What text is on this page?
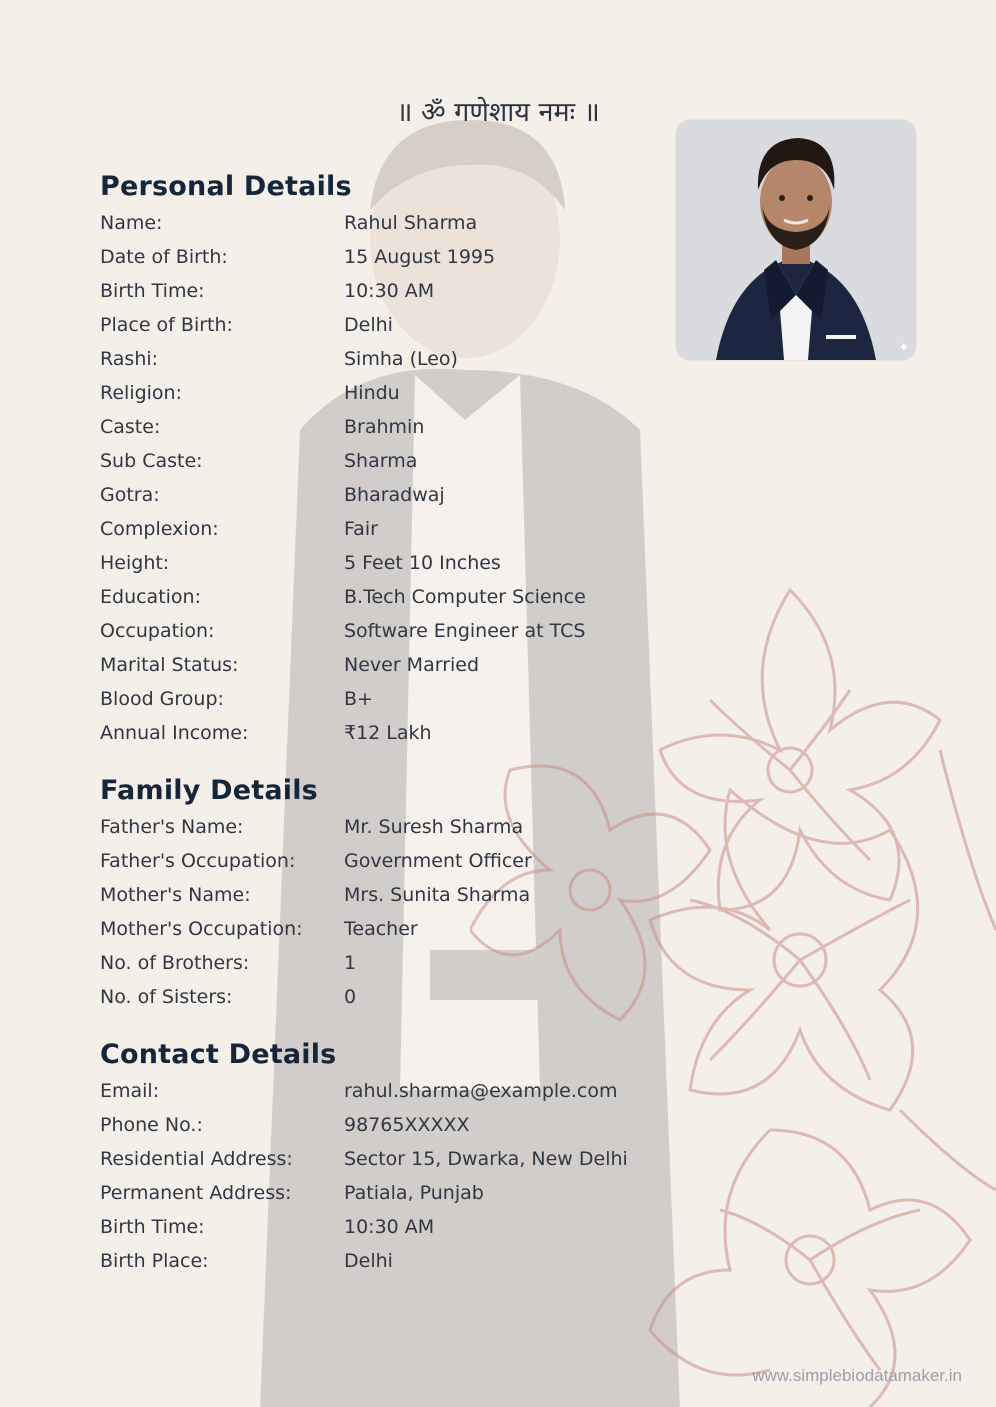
॥ ॐ गणेशाय नमः ॥
✦
Personal Details
Name:	Rahul Sharma
Date of Birth:	15 August 1995
Birth Time:	10:30 AM
Place of Birth:	Delhi
Rashi:	Simha (Leo)
Religion:	Hindu
Caste:	Brahmin
Sub Caste:	Sharma
Gotra:	Bharadwaj
Complexion:	Fair
Height:	5 Feet 10 Inches
Education:	B.Tech Computer Science
Occupation:	Software Engineer at TCS
Marital Status:	Never Married
Blood Group:	B+
Annual Income:	₹12 Lakh
Family Details
Father's Name:	Mr. Suresh Sharma
Father's Occupation:	Government Officer
Mother's Name:	Mrs. Sunita Sharma
Mother's Occupation:	Teacher
No. of Brothers:	1
No. of Sisters:	0
Contact Details
Email:	rahul.sharma@example.com
Phone No.:	98765XXXXX
Residential Address:	Sector 15, Dwarka, New Delhi
Permanent Address:	Patiala, Punjab
Birth Time:	10:30 AM
Birth Place:	Delhi
www.simplebiodatamaker.in
